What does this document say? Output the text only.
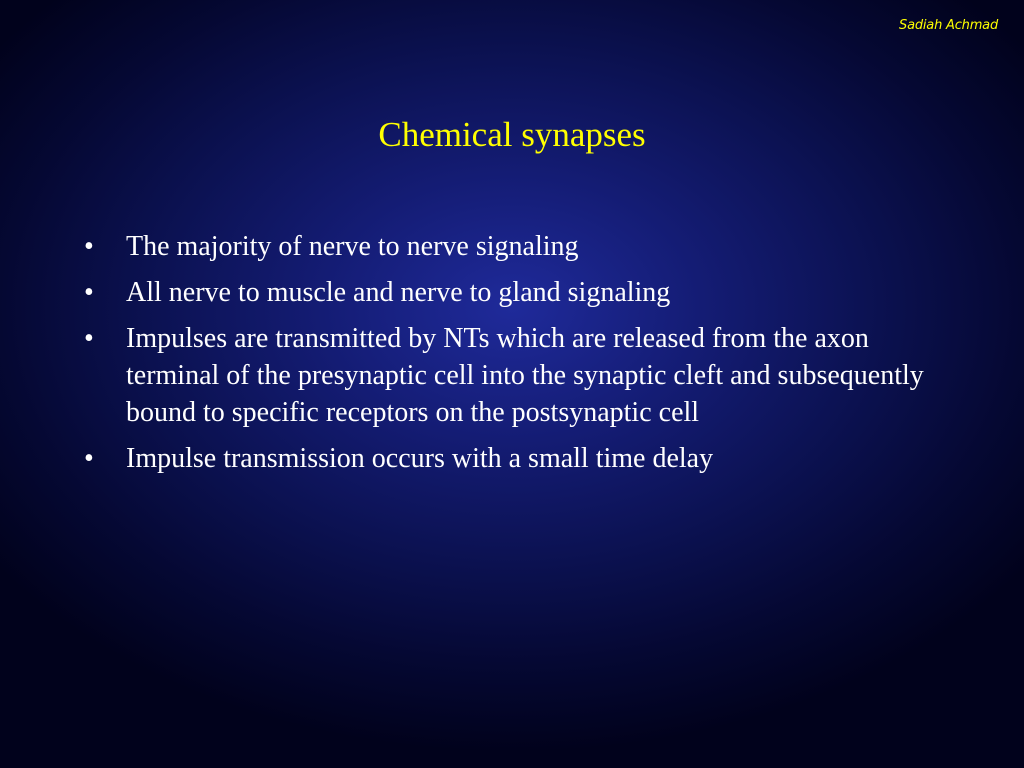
Sadiah Achmad
Chemical synapses
• The majority of nerve to nerve signaling
• All nerve to muscle and nerve to gland signaling
• Impulses are transmitted by NTs which are released from the axon terminal of the presynaptic cell into the synaptic cleft and subsequently bound to specific receptors on the postsynaptic cell
• Impulse transmission occurs with a small time delay
